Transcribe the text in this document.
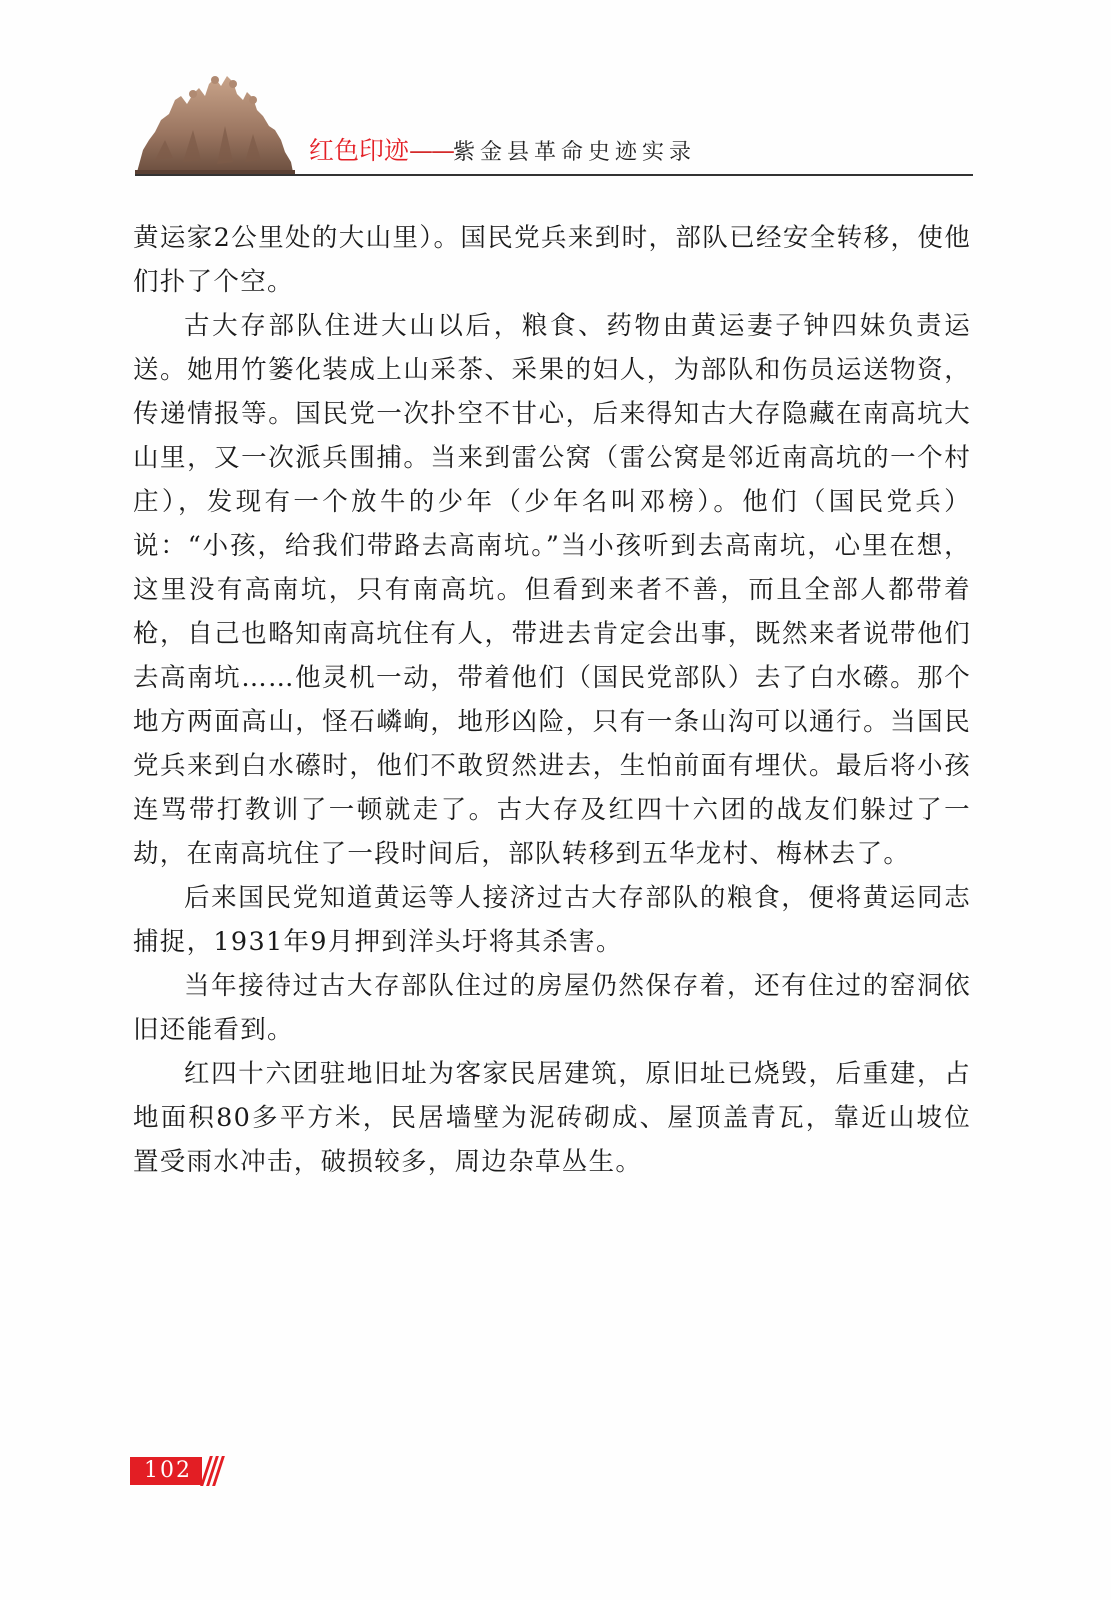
红色印迹——紫金县革命史迹实录

黄运家2公里处的大山里）。国民党兵来到时，部队已经安全转移，使他们扑了个空。

古大存部队住进大山以后，粮食、药物由黄运妻子钟四妹负责运送。她用竹篓化装成上山采茶、采果的妇人，为部队和伤员运送物资，传递情报等。国民党一次扑空不甘心，后来得知古大存隐藏在南高坑大山里，又一次派兵围捕。当来到雷公窝（雷公窝是邻近南高坑的一个村庄），发现有一个放牛的少年（少年名叫邓榜）。他们（国民党兵）说：“小孩，给我们带路去高南坑。”当小孩听到去高南坑，心里在想，这里没有高南坑，只有南高坑。但看到来者不善，而且全部人都带着枪，自己也略知南高坑住有人，带进去肯定会出事，既然来者说带他们去高南坑……他灵机一动，带着他们（国民党部队）去了白水礤。那个地方两面高山，怪石嶙峋，地形凶险，只有一条山沟可以通行。当国民党兵来到白水礤时，他们不敢贸然进去，生怕前面有埋伏。最后将小孩连骂带打教训了一顿就走了。古大存及红四十六团的战友们躲过了一劫，在南高坑住了一段时间后，部队转移到五华龙村、梅林去了。

后来国民党知道黄运等人接济过古大存部队的粮食，便将黄运同志捕捉，1931年9月押到洋头圩将其杀害。

当年接待过古大存部队住过的房屋仍然保存着，还有住过的窑洞依旧还能看到。

红四十六团驻地旧址为客家民居建筑，原旧址已烧毁，后重建，占地面积80多平方米，民居墙壁为泥砖砌成、屋顶盖青瓦，靠近山坡位置受雨水冲击，破损较多，周边杂草丛生。

102
